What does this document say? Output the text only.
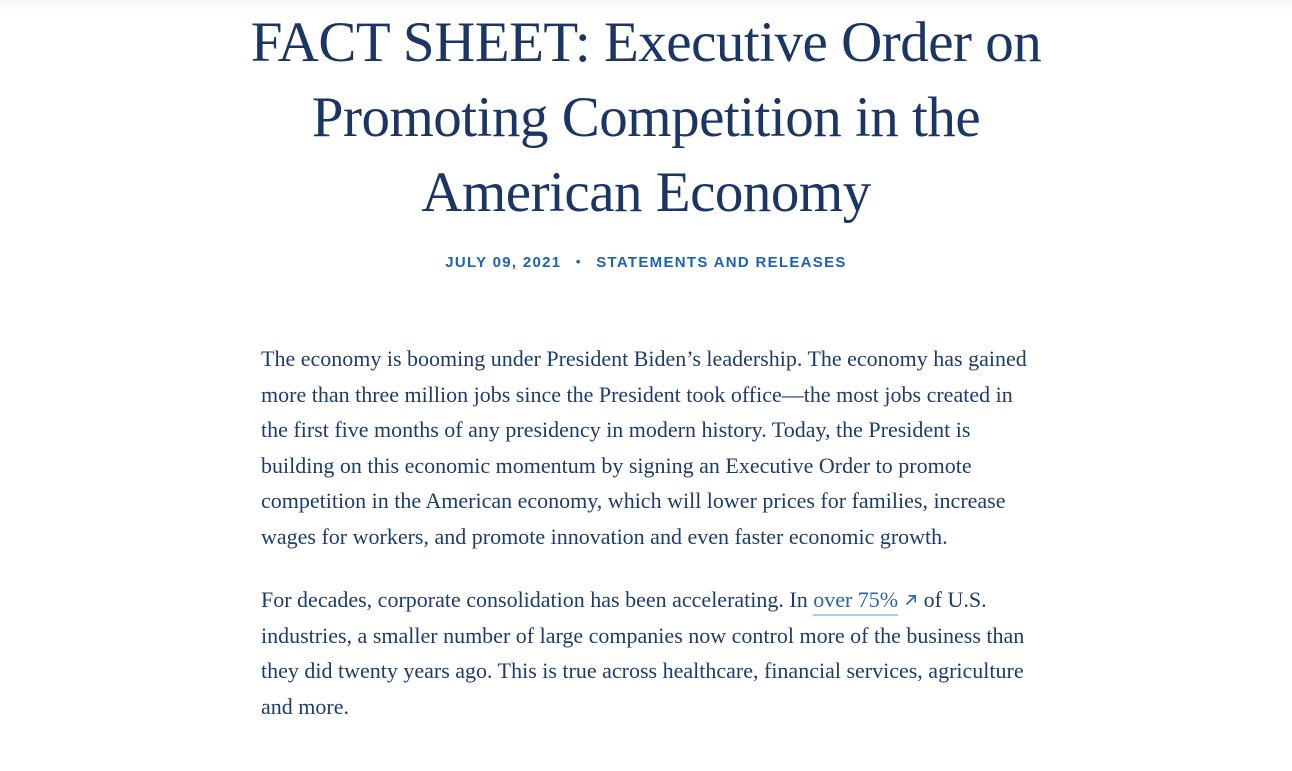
FACT SHEET: Executive Order on Promoting Competition in the American Economy
JULY 09, 2021 • STATEMENTS AND RELEASES

The economy is booming under President Biden’s leadership. The economy has gained more than three million jobs since the President took office—the most jobs created in the first five months of any presidency in modern history. Today, the President is building on this economic momentum by signing an Executive Order to promote competition in the American economy, which will lower prices for families, increase wages for workers, and promote innovation and even faster economic growth.

For decades, corporate consolidation has been accelerating. In over 75% of U.S. industries, a smaller number of large companies now control more of the business than they did twenty years ago. This is true across healthcare, financial services, agriculture and more.
